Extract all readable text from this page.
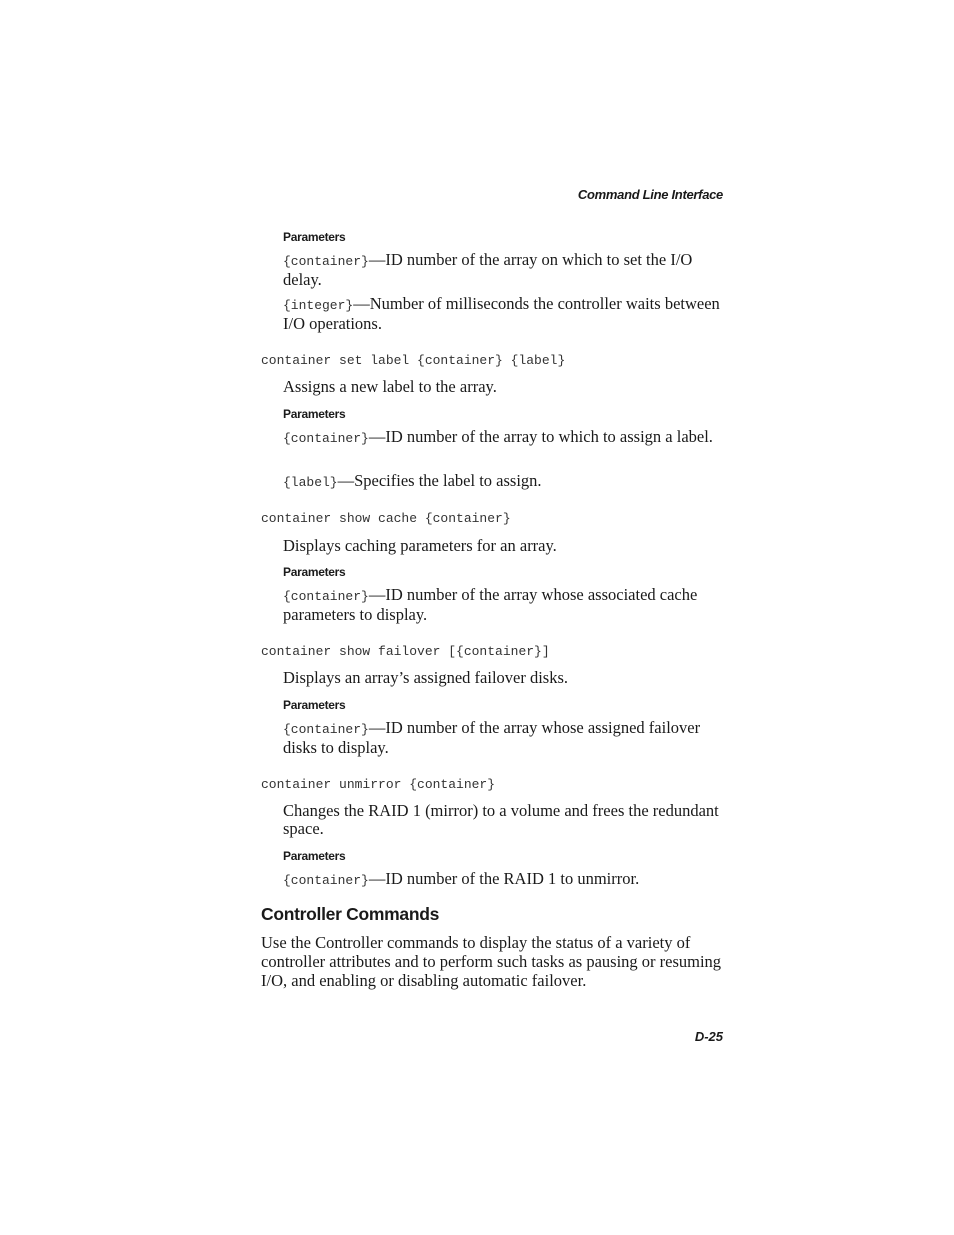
Command Line Interface
Parameters
{container}—ID number of the array on which to set the I/O delay.
{integer}—Number of milliseconds the controller waits between I/O operations.
container set label {container} {label}
Assigns a new label to the array.
Parameters
{container}—ID number of the array to which to assign a label.
{label}—Specifies the label to assign.
container show cache {container}
Displays caching parameters for an array.
Parameters
{container}—ID number of the array whose associated cache parameters to display.
container show failover [{container}]
Displays an array’s assigned failover disks.
Parameters
{container}—ID number of the array whose assigned failover disks to display.
container unmirror {container}
Changes the RAID 1 (mirror) to a volume and frees the redundant space.
Parameters
{container}—ID number of the RAID 1 to unmirror.
Controller Commands
Use the Controller commands to display the status of a variety of controller attributes and to perform such tasks as pausing or resuming I/O, and enabling or disabling automatic failover.
D-25
